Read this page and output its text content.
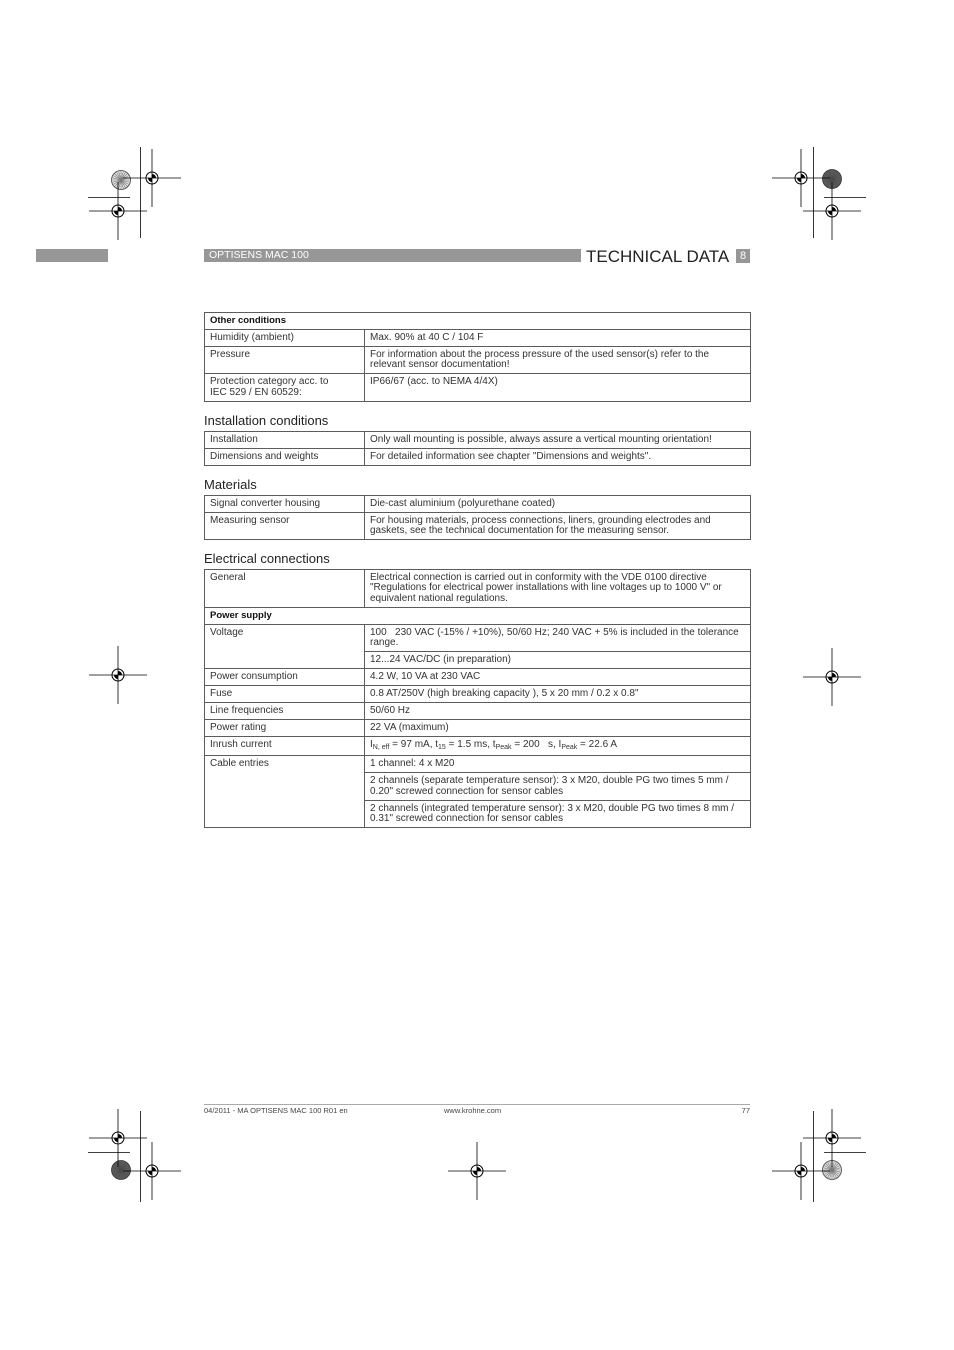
OPTISENS MAC 100	TECHNICAL DATA 8
Other conditions	
Humidity (ambient)	Max. 90% at 40 C / 104 F
Pressure	For information about the process pressure of the used sensor(s) refer to the relevant sensor documentation!
Protection category acc. to IEC 529 / EN 60529:	IP66/67 (acc. to NEMA 4/4X)
Installation conditions
Installation	Only wall mounting is possible, always assure a vertical mounting orientation!
Dimensions and weights	For detailed information see chapter "Dimensions and weights".
Materials
Signal converter housing	Die-cast aluminium (polyurethane coated)
Measuring sensor	For housing materials, process connections, liners, grounding electrodes and gaskets, see the technical documentation for the measuring sensor.
Electrical connections
General	Electrical connection is carried out in conformity with the VDE 0100 directive "Regulations for electrical power installations with line voltages up to 1000 V" or equivalent national regulations.
Power supply	
Voltage	100   230 VAC (-15% / +10%), 50/60 Hz; 240 VAC + 5% is included in the tolerance range.
	12...24 VAC/DC (in preparation)
Power consumption	4.2 W, 10 VA at 230 VAC
Fuse	0.8 AT/250V (high breaking capacity ), 5 x 20 mm / 0.2 x 0.8"
Line frequencies	50/60 Hz
Power rating	22 VA (maximum)
Inrush current	$I_{N, eff} = 97$ mA, $t_{15} = 1.5$ ms, $t_{Peak} = 200$   s, $I_{Peak} = 22.6$ A
Cable entries	1 channel: 4 x M20
	2 channels (separate temperature sensor): 3 x M20, double PG two times 5 mm / 0.20" screwed connection for sensor cables
	2 channels (integrated temperature sensor): 3 x M20, double PG two times 8 mm / 0.31" screwed connection for sensor cables
04/2011 - MA OPTISENS MAC 100 R01 en	www.krohne.com	77
